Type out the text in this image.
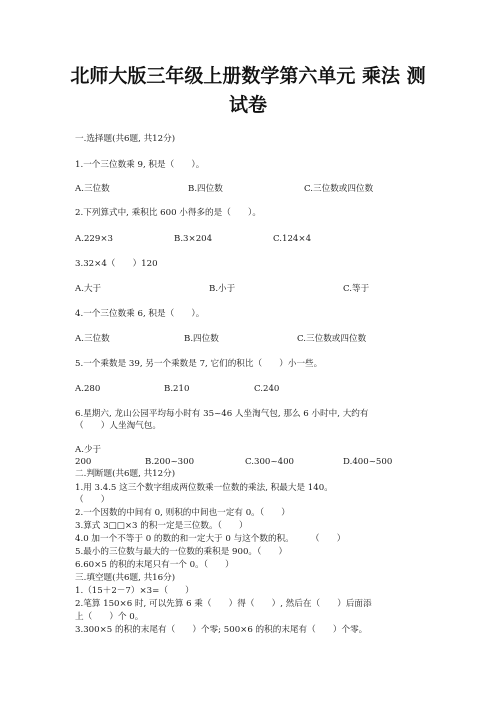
北师大版三年级上册数学第六单元 乘法 测
试卷
一.选择题(共6题, 共12分)
1.一个三位数乘 9, 积是（　　）。
A.三位数	B.四位数	C.三位数或四位数
2.下列算式中, 乘积比 600 小得多的是（　　）。
A.229×3	B.3×204	C.124×4
3.32×4（　　）120
A.大于	B.小于	C.等于
4.一个三位数乘 6, 积是（　　）。
A.三位数	B.四位数	C.三位数或四位数
5.一个乘数是 39, 另一个乘数是 7, 它们的积比（　　）小一些。
A.280	B.210	C.240
6.星期六, 龙山公园平均每小时有 35~46 人坐淘气包, 那么 6 小时中, 大约有
（　　）人坐淘气包。
A.少于
200	B.200~300	C.300~400	D.400~500
二.判断题(共6题, 共12分)
1.用 3.4.5 这三个数字组成两位数乘一位数的乘法, 积最大是 140。
（　　）
2.一个因数的中间有 0, 则积的中间也一定有 0。（　　）
3.算式 3□□×3 的积一定是三位数。（　　）
4.0 加一个不等于 0 的数的和一定大于 0 与这个数的积。　　　（　　）
5.最小的三位数与最大的一位数的乘积是 900。（　　）
6.60×5 的积的末尾只有一个 0。（　　）
三.填空题(共6题, 共16分)
1.（15＋2－7）×3=（　　）
2.笔算 150×6 时, 可以先算 6 乘（　　）得（　　）, 然后在（　　）后面添
上（　　）个 0。
3.300×5 的积的末尾有（　　）个零; 500×6 的积的末尾有（　　）个零。
